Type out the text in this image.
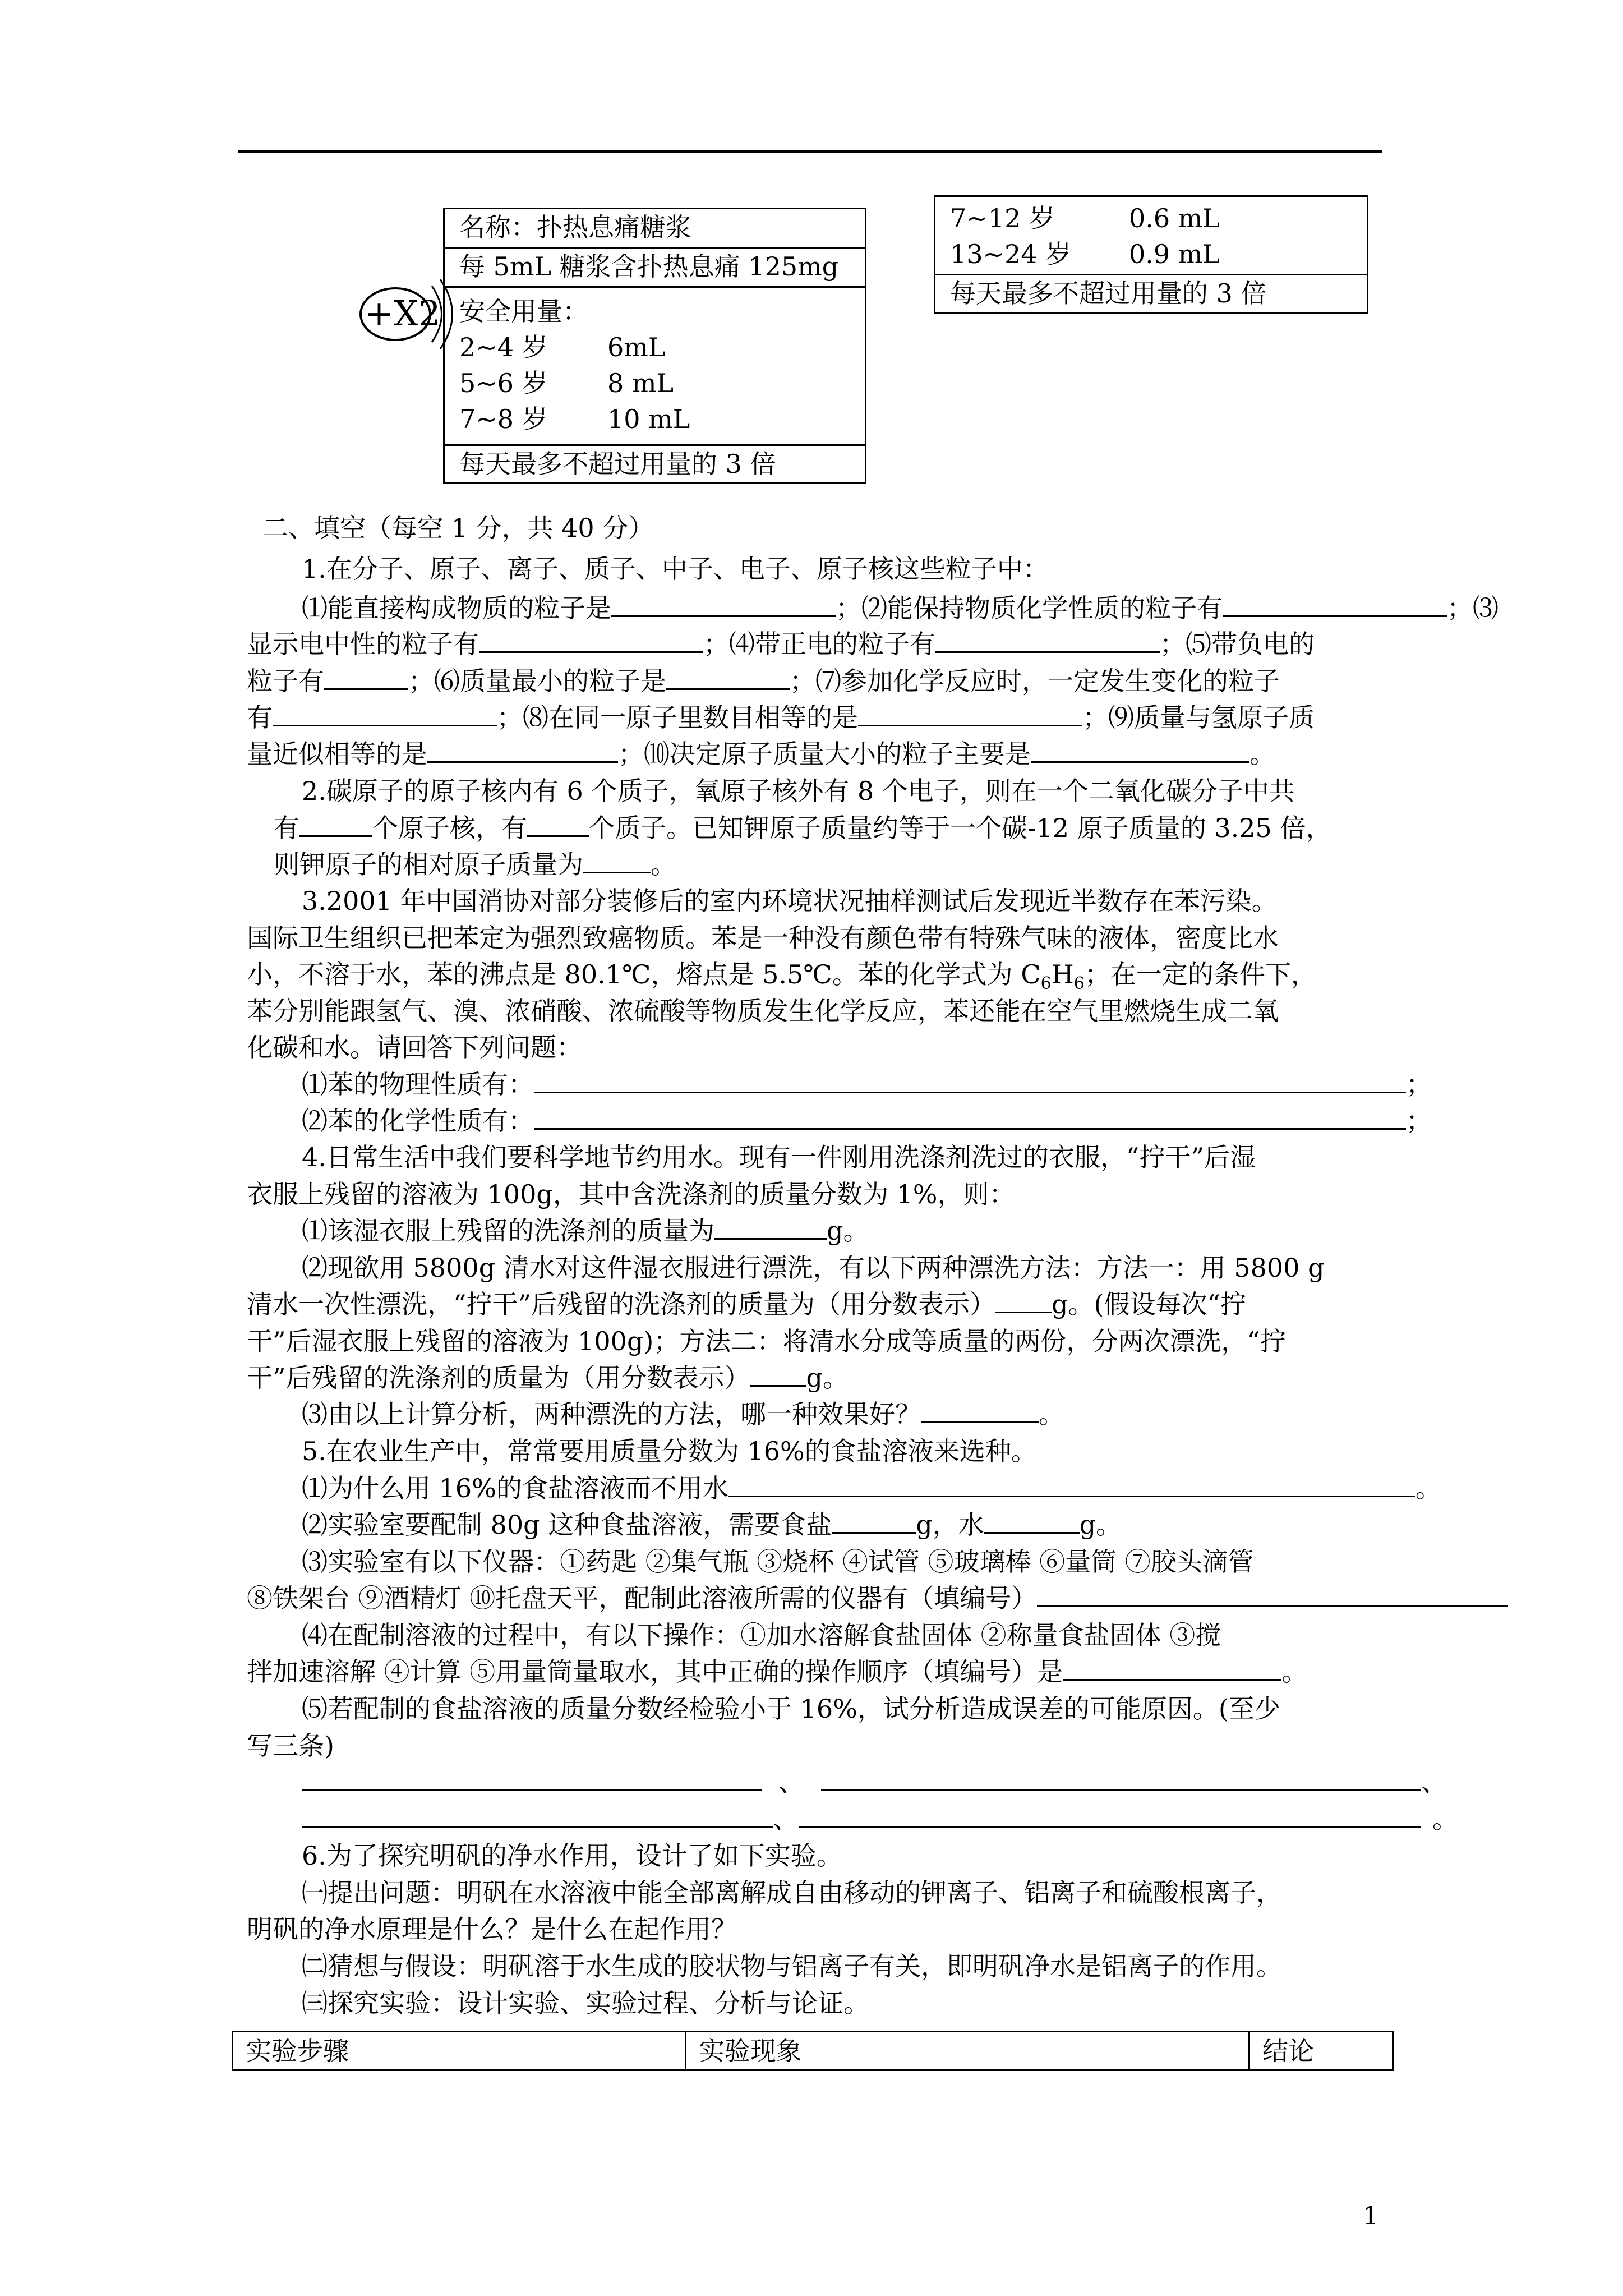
+X2
名称：扑热息痛糖浆
每 5mL 糖浆含扑热息痛 125mg
安全用量：
2~4 岁 6mL
5~6 岁 8 mL
7~8 岁 10 mL
每天最多不超过用量的 3 倍
7~12 岁	0.6 mL
13~24 岁 0.9 mL
每天最多不超过用量的 3 倍
二、填空（每空 1 分，共 40 分）
1.在分子、原子、离子、质子、中子、电子、原子核这些粒子中：
⑴能直接构成物质的粒子是	；⑵能保持物质化学性质的粒子有	；⑶
显示电中性的粒子有	；⑷带正电的粒子有	；⑸带负电的
粒子有	；⑹质量最小的粒子是	；⑺参加化学反应时，一定发生变化的粒子
有	；⑻在同一原子里数目相等的是	；⑼质量与氢原子质
量近似相等的是	；⑽决定原子质量大小的粒子主要是	。
2.碳原子的原子核内有 6 个质子，氧原子核外有 8 个电子，则在一个二氧化碳分子中共
有	个原子核，有 个质子。已知钾原子质量约等于一个碳-12 原子质量的 3.25 倍，
则钾原子的相对原子质量为	。
3.2001 年中国消协对部分装修后的室内环境状况抽样测试后发现近半数存在苯污染。
国际卫生组织已把苯定为强烈致癌物质。苯是一种没有颜色带有特殊气味的液体，密度比水
小，不溶于水，苯的沸点是 80.1℃，熔点是 5.5℃。苯的化学式为 $C_6H_6$；在一定的条件下，
苯分别能跟氢气、溴、浓硝酸、浓硫酸等物质发生化学反应，苯还能在空气里燃烧生成二氧
化碳和水。请回答下列问题：
⑴苯的物理性质有：	；
⑵苯的化学性质有：	；
4.日常生活中我们要科学地节约用水。现有一件刚用洗涤剂洗过的衣服，“拧干”后湿
衣服上残留的溶液为 100g，其中含洗涤剂的质量分数为 1%，则：
⑴该湿衣服上残留的洗涤剂的质量为	g。
⑵现欲用 5800g 清水对这件湿衣服进行漂洗，有以下两种漂洗方法：方法一：用 5800 g
清水一次性漂洗，“拧干”后残留的洗涤剂的质量为（用分数表示） g。(假设每次“拧
干”后湿衣服上残留的溶液为 100g)；方法二：将清水分成等质量的两份，分两次漂洗，“拧
干”后残留的洗涤剂的质量为（用分数表示） g。
⑶由以上计算分析，两种漂洗的方法，哪一种效果好？	。
5.在农业生产中，常常要用质量分数为 16%的食盐溶液来选种。
⑴为什么用 16%的食盐溶液而不用水	。
⑵实验室要配制 80g 这种食盐溶液，需要食盐	g，水	g。
⑶实验室有以下仪器：①药匙 ②集气瓶 ③烧杯 ④试管 ⑤玻璃棒 ⑥量筒 ⑦胶头滴管
⑧铁架台 ⑨酒精灯 ⑩托盘天平，配制此溶液所需的仪器有（填编号）
⑷在配制溶液的过程中，有以下操作：①加水溶解食盐固体 ②称量食盐固体 ③搅
拌加速溶解 ④计算 ⑤用量筒量取水，其中正确的操作顺序（填编号）是	。
⑸若配制的食盐溶液的质量分数经检验小于 16%，试分析造成误差的可能原因。(至少
写三条)
、	、
、	。
6.为了探究明矾的净水作用，设计了如下实验。
㈠提出问题：明矾在水溶液中能全部离解成自由移动的钾离子、铝离子和硫酸根离子，
明矾的净水原理是什么？是什么在起作用？
㈡猜想与假设：明矾溶于水生成的胶状物与铝离子有关，即明矾净水是铝离子的作用。
㈢探究实验：设计实验、实验过程、分析与论证。
实验步骤	实验现象	结论
1
